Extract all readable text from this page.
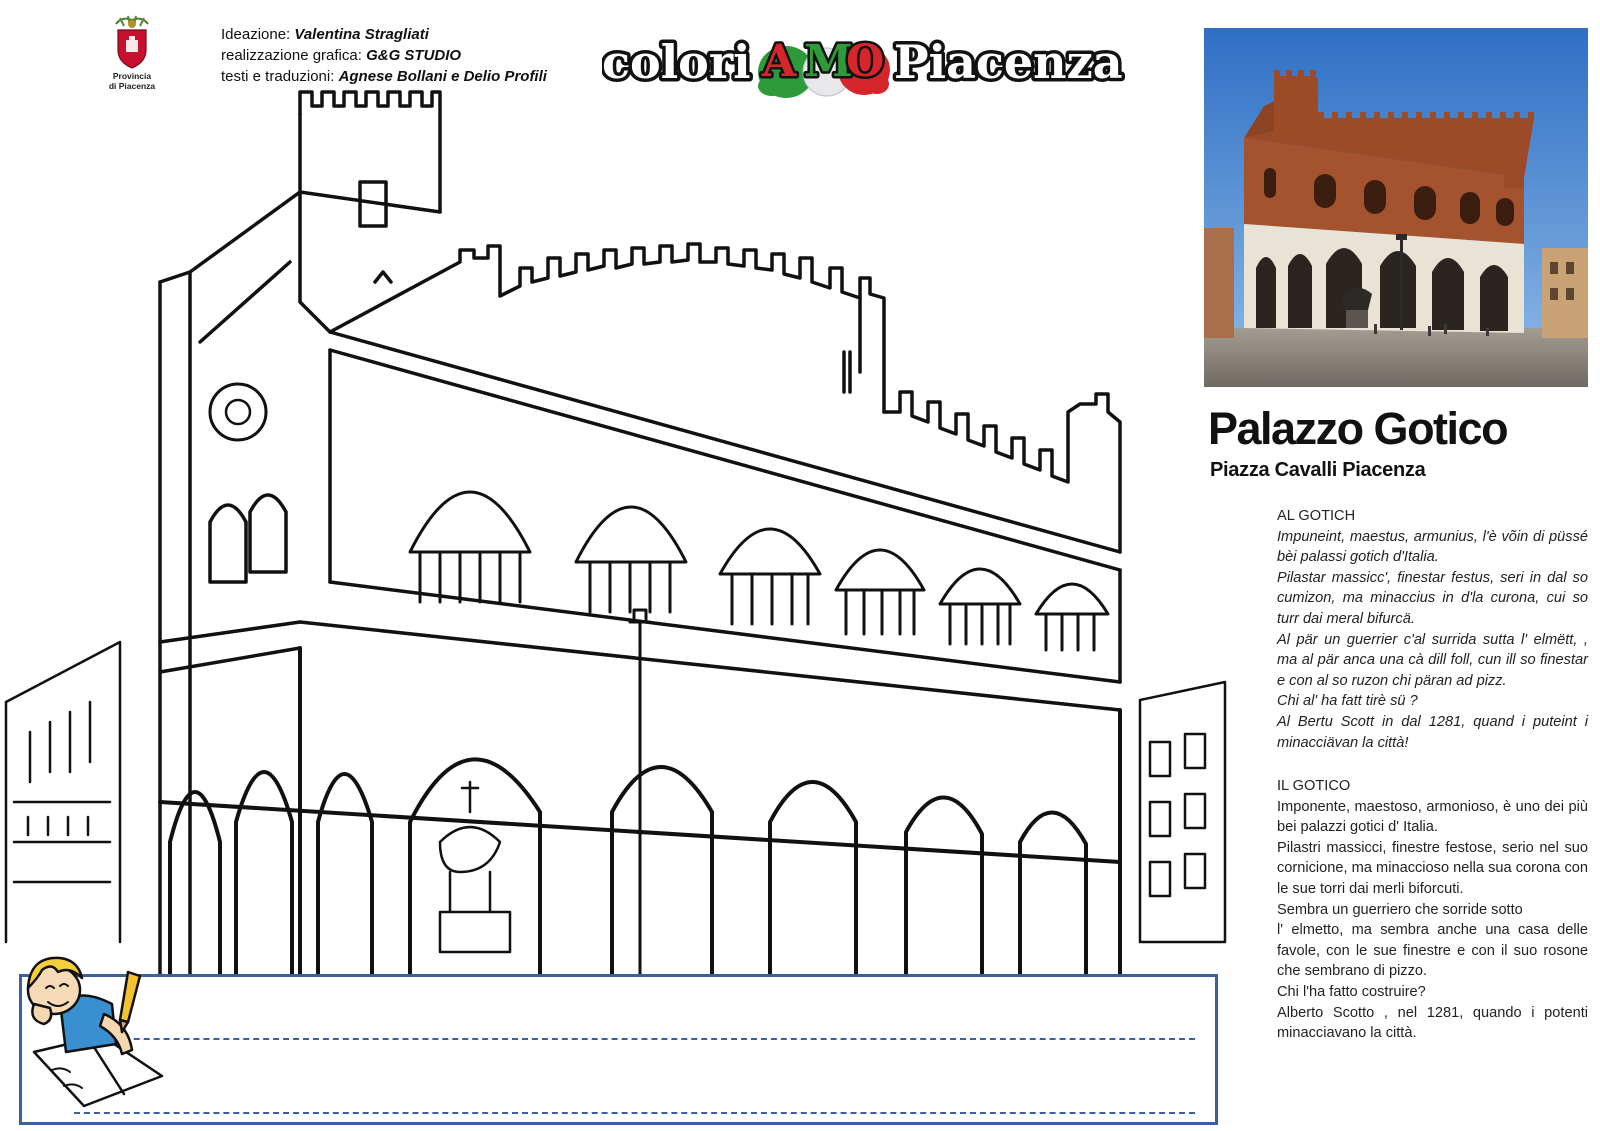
Provincia
di Piacenza
Ideazione: Valentina Stragliati
realizzazione grafica: G&G STUDIO
testi e traduzioni: Agnese Bollani e Delio Profili colori A M
O Piacenza
Palazzo Gotico
Piazza Cavalli Piacenza
AL GOTICH

Impuneint, maestus, armunius, l'è võin di püssé bèi palassi gotich d'Italia.

Pilastar massicc', finestar festus, seri in dal so cumizon, ma minaccius in d'la curona, cui so turr dai meral bifurcä.

Al pär un guerrier c'al surrida sutta l' elmëtt, , ma al pär anca una cà dill foll, cun ill so finestar e con al so ruzon chi päran ad pizz.

Chi al' ha fatt tirè sü ?

Al Bertu Scott in dal 1281, quand i puteint i minacciävan la città!

IL GOTICO

Imponente, maestoso, armonioso, è uno dei più bei palazzi gotici d' Italia.

Pilastri massicci, finestre festose, serio nel suo cornicione, ma minaccioso nella sua corona con le sue torri dai merli biforcuti.

Sembra un guerriero che sorride sotto

l' elmetto, ma sembra anche una casa delle favole, con le sue finestre e con il suo rosone che sembrano di pizzo.

Chi l'ha fatto costruire?

Alberto Scotto , nel 1281, quando i potenti minacciavano la città.
